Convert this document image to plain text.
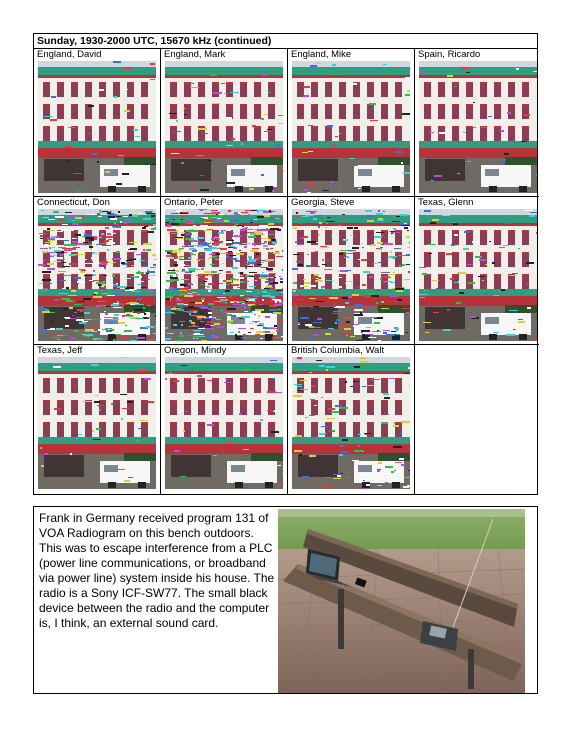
Sunday, 1930-2000 UTC, 15670 kHz (continued)
England, David	England, Mark	England, Mike	Spain, Ricardo
Connecticut, Don	Ontario, Peter	Georgia, Steve	Texas, Glenn
Texas, Jeff	Oregon, Mindy	British Columbia, Walt
Frank in Germany received program 131 of VOA Radiogram on this bench outdoors. This was to escape interference from a PLC (power line communications, or broadband via power line) system inside his house. The radio is a Sony ICF-SW77. The small black device between the radio and the computer is, I think, an external sound card.
